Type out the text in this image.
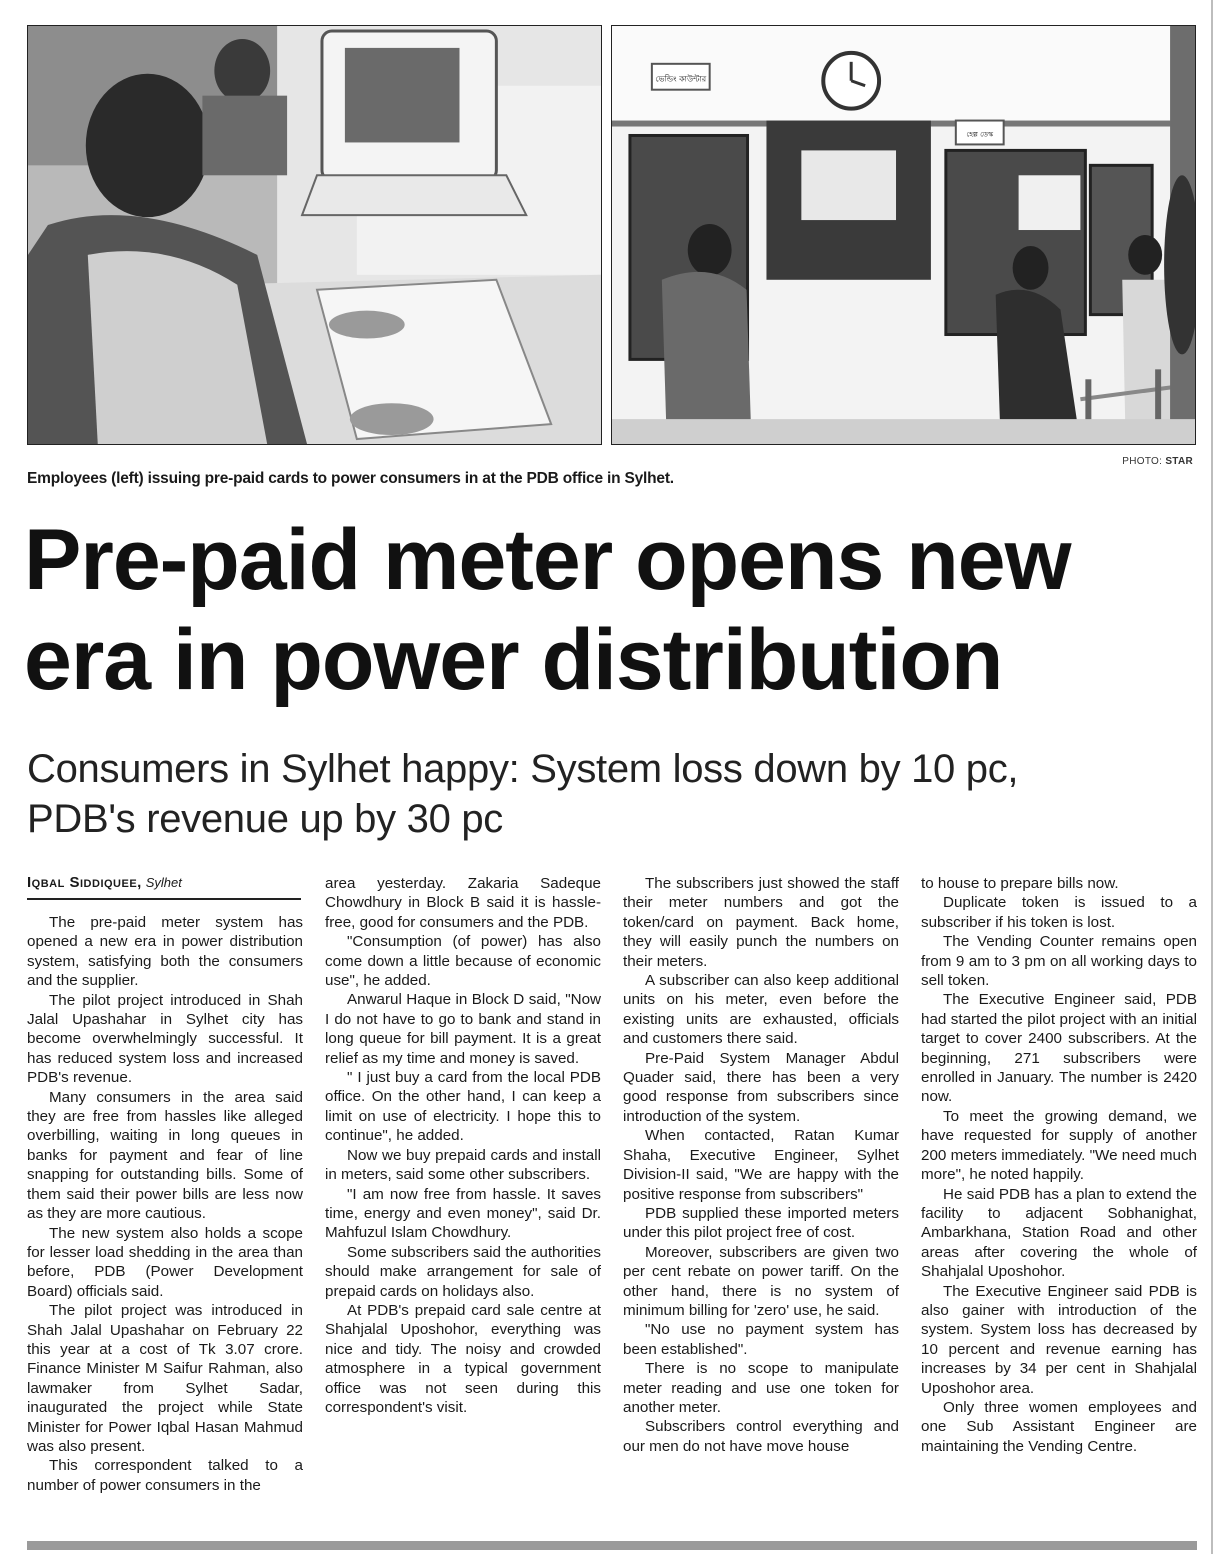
ভেন্ডিং কাউন্টার
হেল্প ডেস্ক
PHOTO: STAR
Employees (left) issuing pre-paid cards to power consumers in at the PDB office in Sylhet.
Pre-paid meter opens new
era in power distribution
Consumers in Sylhet happy: System loss down by 10 pc,
PDB's revenue up by 30 pc
Iqbal Siddiquee, Sylhet

The pre-paid meter system has opened a new era in power distribution system, satisfying both the consumers and the supplier.

The pilot project introduced in Shah Jalal Upashahar in Sylhet city has become overwhelmingly successful. It has reduced system loss and increased PDB's revenue.

Many consumers in the area said they are free from hassles like alleged overbilling, waiting in long queues in banks for payment and fear of line snapping for outstanding bills. Some of them said their power bills are less now as they are more cautious.

The new system also holds a scope for lesser load shedding in the area than before, PDB (Power Development Board) officials said.

The pilot project was introduced in Shah Jalal Upashahar on February 22 this year at a cost of Tk 3.07 crore. Finance Minister M Saifur Rahman, also lawmaker from Sylhet Sadar, inaugurated the project while State Minister for Power Iqbal Hasan Mahmud was also present.

This correspondent talked to a number of power consumers in the

area yesterday. Zakaria Sadeque Chowdhury in Block B said it is hassle-free, good for consumers and the PDB.

"Consumption (of power) has also come down a little because of economic use", he added.

Anwarul Haque in Block D said, "Now I do not have to go to bank and stand in long queue for bill payment. It is a great relief as my time and money is saved.

" I just buy a card from the local PDB office. On the other hand, I can keep a limit on use of electricity. I hope this to continue", he added.

Now we buy prepaid cards and install in meters, said some other subscribers.

"I am now free from hassle. It saves time, energy and even money", said Dr. Mahfuzul Islam Chowdhury.

Some subscribers said the authorities should make arrangement for sale of prepaid cards on holidays also.

At PDB's prepaid card sale centre at Shahjalal Uposhohor, everything was nice and tidy. The noisy and crowded atmosphere in a typical government office was not seen during this correspondent's visit.

The subscribers just showed the staff their meter numbers and got the token/card on payment. Back home, they will easily punch the numbers on their meters.

A subscriber can also keep additional units on his meter, even before the existing units are exhausted, officials and customers there said.

Pre-Paid System Manager Abdul Quader said, there has been a very good response from subscribers since introduction of the system.

When contacted, Ratan Kumar Shaha, Executive Engineer, Sylhet Division-II said, "We are happy with the positive response from subscribers"

PDB supplied these imported meters under this pilot project free of cost.

Moreover, subscribers are given two per cent rebate on power tariff. On the other hand, there is no system of minimum billing for 'zero' use, he said.

"No use no payment system has been established".

There is no scope to manipulate meter reading and use one token for another meter.

Subscribers control everything and our men do not have move house

to house to prepare bills now.

Duplicate token is issued to a subscriber if his token is lost.

The Vending Counter remains open from 9 am to 3 pm on all working days to sell token.

The Executive Engineer said, PDB had started the pilot project with an initial target to cover 2400 subscribers. At the beginning, 271 subscribers were enrolled in January. The number is 2420 now.

To meet the growing demand, we have requested for supply of another 200 meters immediately. "We need much more", he noted happily.

He said PDB has a plan to extend the facility to adjacent Sobhanighat, Ambarkhana, Station Road and other areas after covering the whole of Shahjalal Uposhohor.

The Executive Engineer said PDB is also gainer with introduction of the system. System loss has decreased by 10 percent and revenue earning has increases by 34 per cent in Shahjalal Uposhohor area.

Only three women employees and one Sub Assistant Engineer are maintaining the Vending Centre.
